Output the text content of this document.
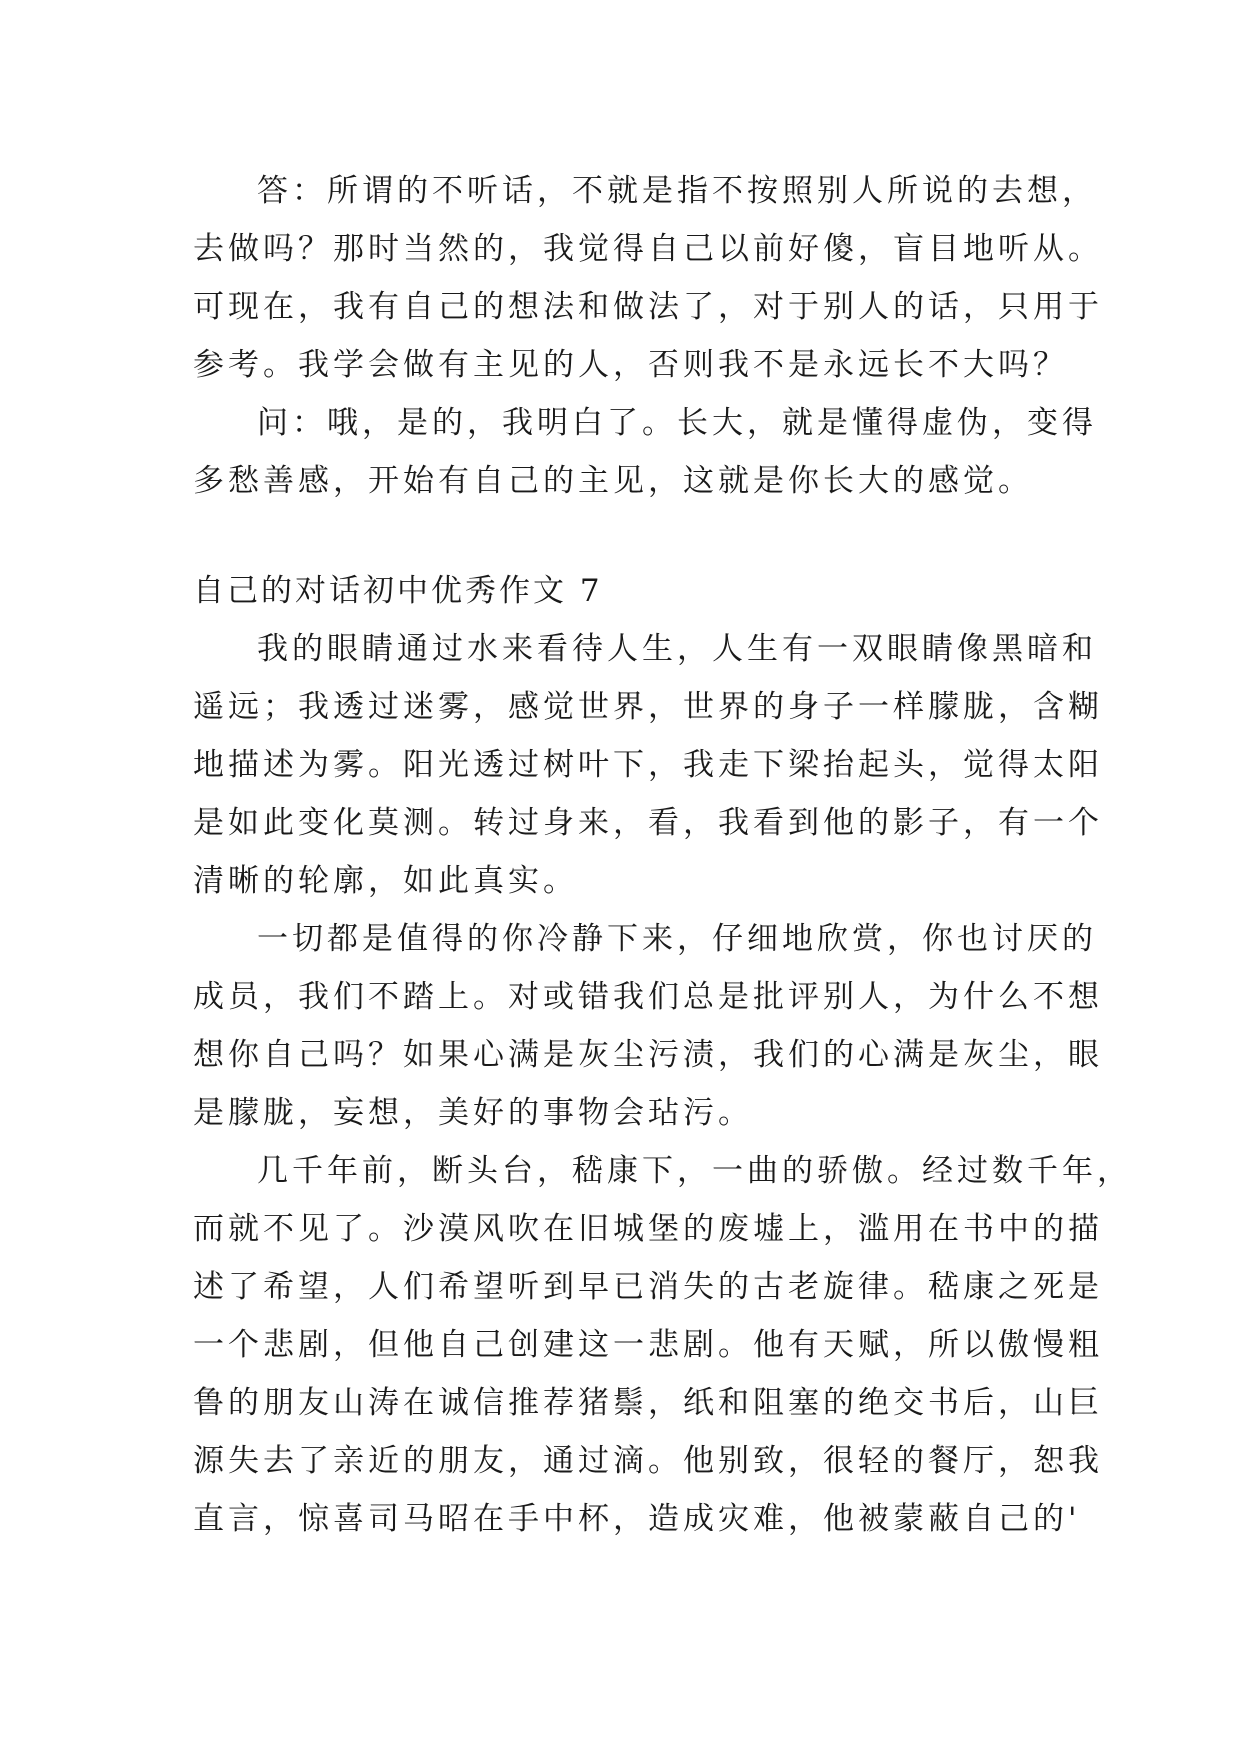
答：所谓的不听话，不就是指不按照别人所说的去想，
去做吗？那时当然的，我觉得自己以前好傻，盲目地听从。
可现在，我有自己的想法和做法了，对于别人的话，只用于
参考。我学会做有主见的人，否则我不是永远长不大吗？
问：哦，是的，我明白了。长大，就是懂得虚伪，变得
多愁善感，开始有自己的主见，这就是你长大的感觉。
自己的对话初中优秀作文 7
我的眼睛通过水来看待人生，人生有一双眼睛像黑暗和
遥远；我透过迷雾，感觉世界，世界的身子一样朦胧，含糊
地描述为雾。阳光透过树叶下，我走下梁抬起头，觉得太阳
是如此变化莫测。转过身来，看，我看到他的影子，有一个
清晰的轮廓，如此真实。
一切都是值得的你冷静下来，仔细地欣赏，你也讨厌的
成员，我们不踏上。对或错我们总是批评别人，为什么不想
想你自己吗？如果心满是灰尘污渍，我们的心满是灰尘，眼
是朦胧，妄想，美好的事物会玷污。
几千年前，断头台，嵇康下，一曲的骄傲。经过数千年，
而就不见了。沙漠风吹在旧城堡的废墟上，滥用在书中的描
述了希望，人们希望听到早已消失的古老旋律。嵇康之死是
一个悲剧，但他自己创建这一悲剧。他有天赋，所以傲慢粗
鲁的朋友山涛在诚信推荐猪鬃，纸和阻塞的绝交书后，山巨
源失去了亲近的朋友，通过滴。他别致，很轻的餐厅，恕我
直言，惊喜司马昭在手中杯，造成灾难，他被蒙蔽自己的'
